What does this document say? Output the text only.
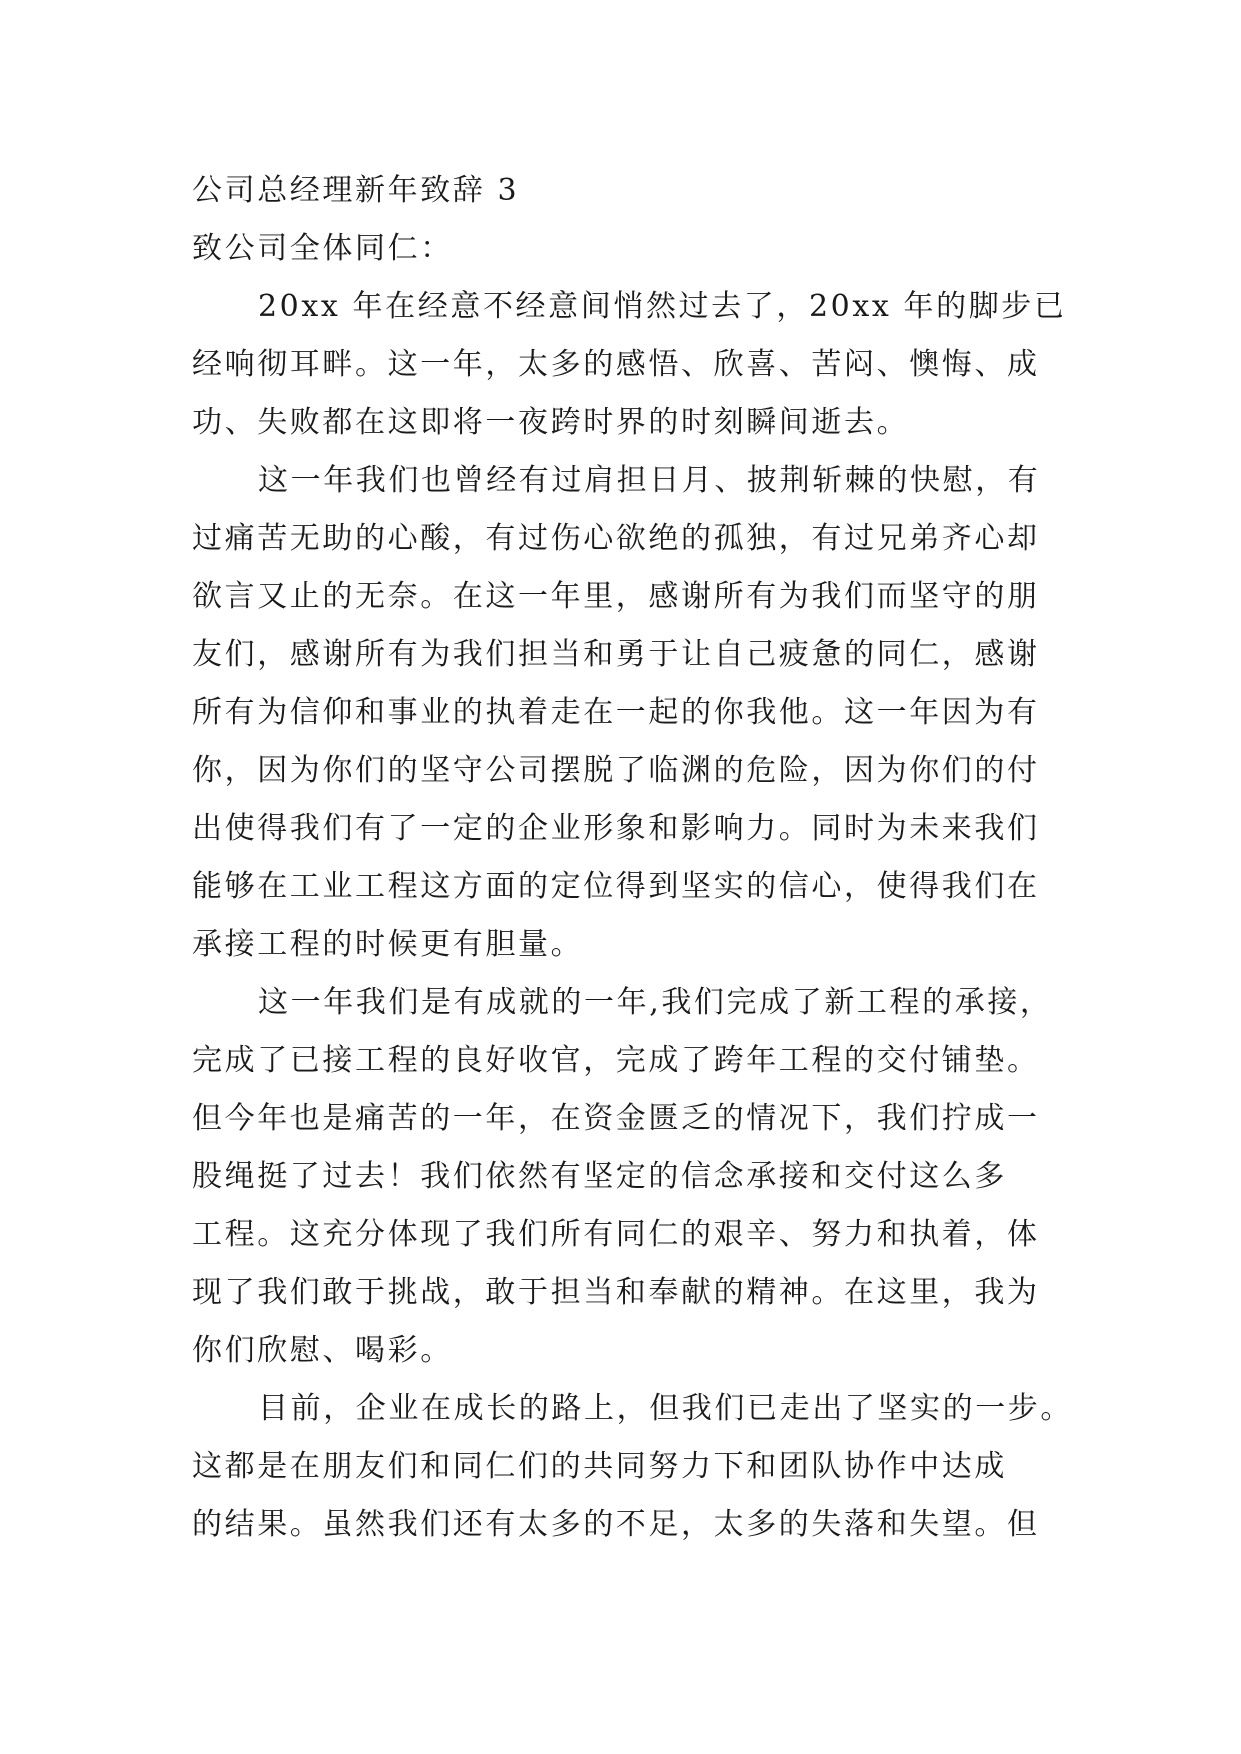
公司总经理新年致辞 3
致公司全体同仁：
20xx 年在经意不经意间悄然过去了，20xx 年的脚步已
经响彻耳畔。这一年，太多的感悟、欣喜、苦闷、懊悔、成
功、失败都在这即将一夜跨时界的时刻瞬间逝去。
这一年我们也曾经有过肩担日月、披荆斩棘的快慰，有
过痛苦无助的心酸，有过伤心欲绝的孤独，有过兄弟齐心却
欲言又止的无奈。在这一年里，感谢所有为我们而坚守的朋
友们，感谢所有为我们担当和勇于让自己疲惫的同仁，感谢
所有为信仰和事业的执着走在一起的你我他。这一年因为有
你，因为你们的坚守公司摆脱了临渊的危险，因为你们的付
出使得我们有了一定的企业形象和影响力。同时为未来我们
能够在工业工程这方面的定位得到坚实的信心，使得我们在
承接工程的时候更有胆量。
这一年我们是有成就的一年,我们完成了新工程的承接，
完成了已接工程的良好收官，完成了跨年工程的交付铺垫。
但今年也是痛苦的一年，在资金匮乏的情况下，我们拧成一
股绳挺了过去！我们依然有坚定的信念承接和交付这么多
工程。这充分体现了我们所有同仁的艰辛、努力和执着，体
现了我们敢于挑战，敢于担当和奉献的精神。在这里，我为
你们欣慰、喝彩。
目前，企业在成长的路上，但我们已走出了坚实的一步。
这都是在朋友们和同仁们的共同努力下和团队协作中达成
的结果。虽然我们还有太多的不足，太多的失落和失望。但
